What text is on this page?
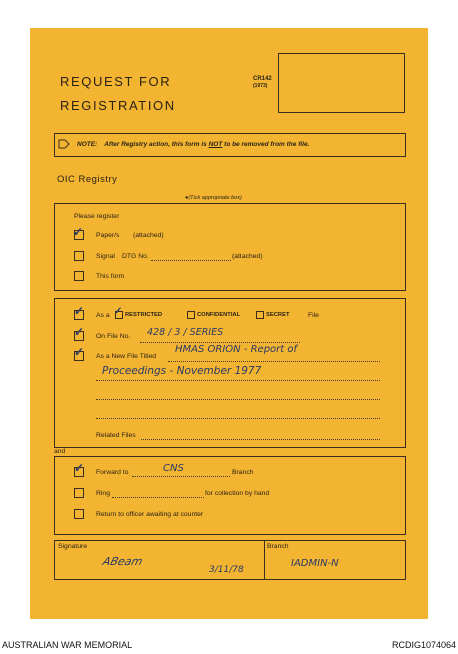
REQUEST FOR
REGISTRATION
CR142
(1973)
NOTE: After Registry action, this form is NOT to be removed from the file.
OIC Registry
●(Tick appropriate box)
Please register
✓ Paper/s (attached)
Signal DTG No.	(attached)
This form
✓ As a ✓ RESTRICTED	CONFIDENTIAL	SECRET	File
✓ On File No. 428 / 3 / SERIES
✓ As a New File Titled
HMAS ORION - Report of
Proceedings - November 1977
Related Files
and
✓ Forward to	CNS	Branch
Ring	for collection by hand
Return to officer awaiting at counter
Signature
ABeam
3/11/78
Branch
IADMIN-N
AUSTRALIAN WAR MEMORIAL	RCDIG1074064
